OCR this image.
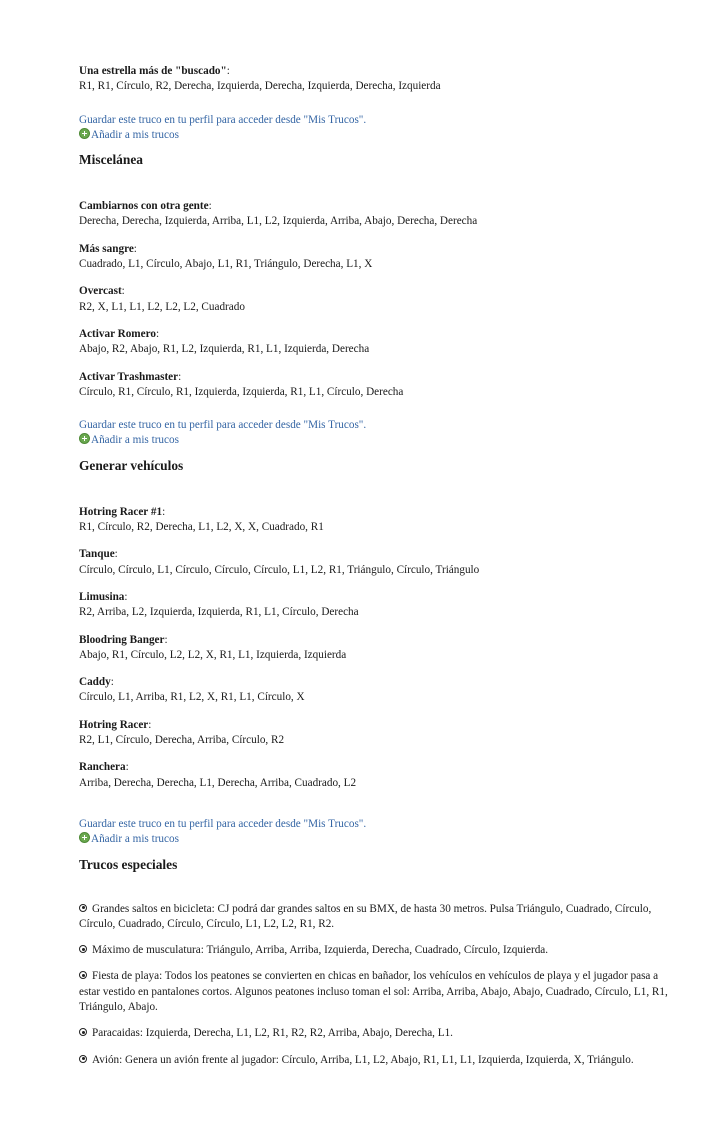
Una estrella más de "buscado":
R1, R1, Círculo, R2, Derecha, Izquierda, Derecha, Izquierda, Derecha, Izquierda

Guardar este truco en tu perfil para acceder desde "Mis Trucos".
Añadir a mis trucos
Miscelánea

Cambiarnos con otra gente:
Derecha, Derecha, Izquierda, Arriba, L1, L2, Izquierda, Arriba, Abajo, Derecha, Derecha

Más sangre:
Cuadrado, L1, Círculo, Abajo, L1, R1, Triángulo, Derecha, L1, X

Overcast:
R2, X, L1, L1, L2, L2, L2, Cuadrado

Activar Romero:
Abajo, R2, Abajo, R1, L2, Izquierda, R1, L1, Izquierda, Derecha

Activar Trashmaster:
Círculo, R1, Círculo, R1, Izquierda, Izquierda, R1, L1, Círculo, Derecha

Guardar este truco en tu perfil para acceder desde "Mis Trucos".
Añadir a mis trucos
Generar vehículos

Hotring Racer #1:
R1, Círculo, R2, Derecha, L1, L2, X, X, Cuadrado, R1

Tanque:
Círculo, Círculo, L1, Círculo, Círculo, Círculo, L1, L2, R1, Triángulo, Círculo, Triángulo

Limusina:
R2, Arriba, L2, Izquierda, Izquierda, R1, L1, Círculo, Derecha

Bloodring Banger:
Abajo, R1, Círculo, L2, L2, X, R1, L1, Izquierda, Izquierda

Caddy:
Círculo, L1, Arriba, R1, L2, X, R1, L1, Círculo, X

Hotring Racer:
R2, L1, Círculo, Derecha, Arriba, Círculo, R2

Ranchera:
Arriba, Derecha, Derecha, L1, Derecha, Arriba, Cuadrado, L2

Guardar este truco en tu perfil para acceder desde "Mis Trucos".
Añadir a mis trucos
Trucos especiales
Grandes saltos en bicicleta: CJ podrá dar grandes saltos en su BMX, de hasta 30 metros. Pulsa Triángulo, Cuadrado, Círculo, Círculo, Cuadrado, Círculo, Círculo, L1, L2, L2, R1, R2.
Máximo de musculatura: Triángulo, Arriba, Arriba, Izquierda, Derecha, Cuadrado, Círculo, Izquierda.
Fiesta de playa: Todos los peatones se convierten en chicas en bañador, los vehículos en vehículos de playa y el jugador pasa a estar vestido en pantalones cortos. Algunos peatones incluso toman el sol: Arriba, Arriba, Abajo, Abajo, Cuadrado, Círculo, L1, R1, Triángulo, Abajo.
Paracaidas: Izquierda, Derecha, L1, L2, R1, R2, R2, Arriba, Abajo, Derecha, L1.
Avión: Genera un avión frente al jugador: Círculo, Arriba, L1, L2, Abajo, R1, L1, L1, Izquierda, Izquierda, X, Triángulo.
